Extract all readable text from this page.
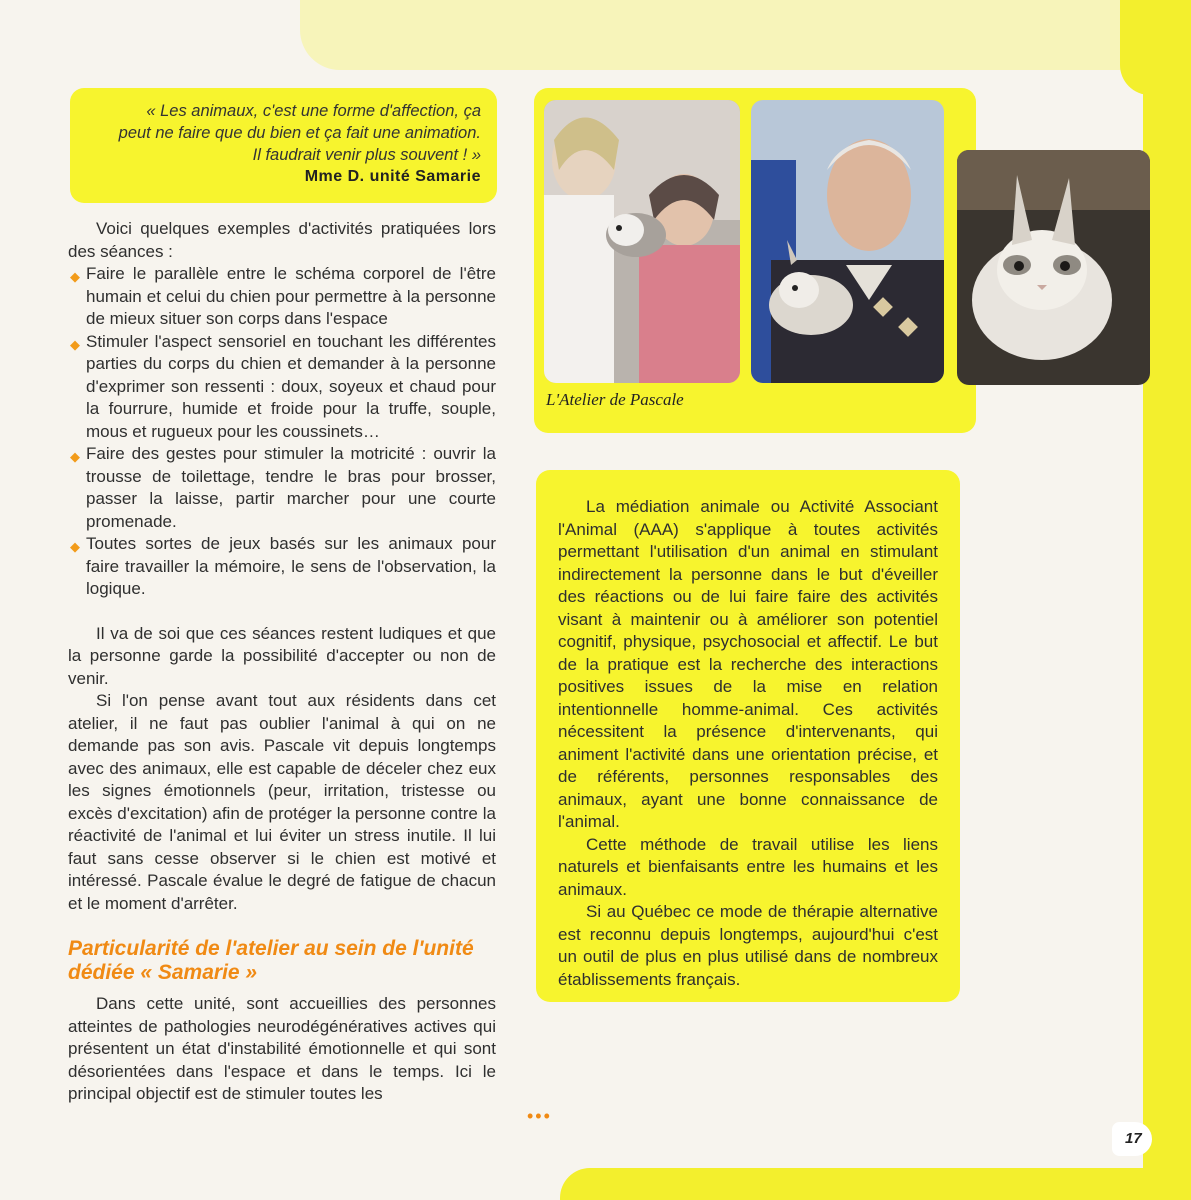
« Les animaux, c'est une forme d'affection, ça
peut ne faire que du bien et ça fait une animation.
Il faudrait venir plus souvent ! »
Mme D. unité Samarie

Voici quelques exemples d'activités pratiquées lors des séances :

◆ Faire le parallèle entre le schéma corporel de l'être humain et celui du chien pour permettre à la personne de mieux situer son corps dans l'espace
◆ Stimuler l'aspect sensoriel en touchant les différentes parties du corps du chien et demander à la personne d'exprimer son ressenti : doux, soyeux et chaud pour la fourrure, humide et froide pour la truffe, souple, mous et rugueux pour les coussinets…
◆ Faire des gestes pour stimuler la motricité : ouvrir la trousse de toilettage, tendre le bras pour brosser, passer la laisse, partir marcher pour une courte promenade.
◆ Toutes sortes de jeux basés sur les animaux pour faire travailler la mémoire, le sens de l'observation, la logique.

Il va de soi que ces séances restent ludiques et que la personne garde la possibilité d'accepter ou non de venir.

Si l'on pense avant tout aux résidents dans cet atelier, il ne faut pas oublier l'animal à qui on ne demande pas son avis. Pascale vit depuis longtemps avec des animaux, elle est capable de déceler chez eux les signes émotionnels (peur, irritation, tristesse ou excès d'excitation) afin de protéger la personne contre la réactivité de l'animal et lui éviter un stress inutile. Il lui faut sans cesse observer si le chien est motivé et intéressé. Pascale évalue le degré de fatigue de chacun et le moment d'arrêter.

Particularité de l'atelier au sein de l'unité
dédiée « Samarie »

Dans cette unité, sont accueillies des personnes atteintes de pathologies neurodégénératives actives qui présentent un état d'instabilité émotionnelle et qui sont désorientées dans l'espace et dans le temps. Ici le principal objectif est de stimuler toutes les

L'Atelier de Pascale

La médiation animale ou Activité Associant l'Animal (AAA) s'applique à toutes activités permettant l'utilisation d'un animal en stimulant indirectement la personne dans le but d'éveiller des réactions ou de lui faire faire des activités visant à maintenir ou à améliorer son potentiel cognitif, physique, psychosocial et affectif. Le but de la pratique est la recherche des interactions positives issues de la mise en relation intentionnelle homme-animal. Ces activités nécessitent la présence d'intervenants, qui animent l'activité dans une orientation précise, et de référents, personnes responsables des animaux, ayant une bonne connaissance de l'animal.

Cette méthode de travail utilise les liens naturels et bienfaisants entre les humains et les animaux.

Si au Québec ce mode de thérapie alternative est reconnu depuis longtemps, aujourd'hui c'est un outil de plus en plus utilisé dans de nombreux établissements français.

•••
17
